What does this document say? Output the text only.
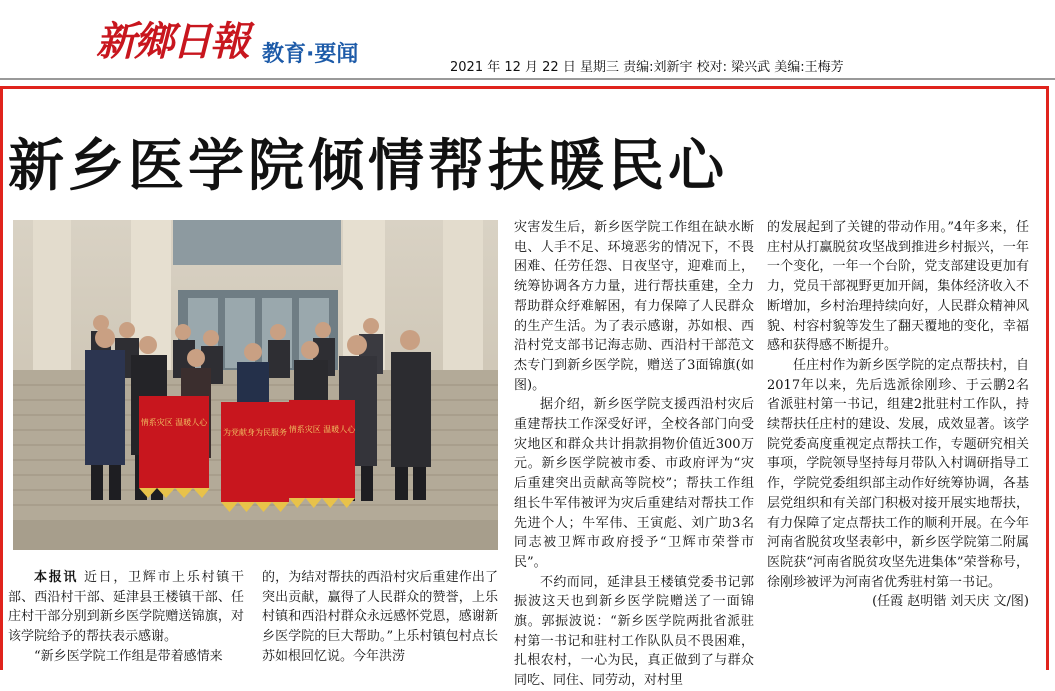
新鄉日報 教育·要闻
2021 年 12 月 22 日 星期三 责编:刘新宇 校对: 梁兴武 美编:王梅芳
新乡医学院倾情帮扶暖民心
情系灾区 温暖人心
为党献身为民服务 情系灾区 温暖人心

本报讯 近日，卫辉市上乐村镇干部、西沿村干部、延津县王楼镇干部、任庄村干部分别到新乡医学院赠送锦旗，对该学院给予的帮扶表示感谢。

“新乡医学院工作组是带着感情来

的，为结对帮扶的西沿村灾后重建作出了突出贡献，赢得了人民群众的赞誉，上乐村镇和西沿村群众永远感怀党恩，感谢新乡医学院的巨大帮助。”上乐村镇包村点长苏如根回忆说。今年洪涝

灾害发生后，新乡医学院工作组在缺水断电、人手不足、环境恶劣的情况下，不畏困难、任劳任怨、日夜坚守，迎难而上，统筹协调各方力量，进行帮扶重建，全力帮助群众纾难解困，有力保障了人民群众的生产生活。为了表示感谢，苏如根、西沿村党支部书记海志勋、西沿村干部范文杰专门到新乡医学院，赠送了3面锦旗(如图)。

据介绍，新乡医学院支援西沿村灾后重建帮扶工作深受好评，全校各部门向受灾地区和群众共计捐款捐物价值近300万元。新乡医学院被市委、市政府评为“灾后重建突出贡献高等院校”；帮扶工作组组长牛军伟被评为灾后重建结对帮扶工作先进个人；牛军伟、王寅彪、刘广助3名同志被卫辉市政府授予“卫辉市荣誉市民”。

不约而同，延津县王楼镇党委书记郭振波这天也到新乡医学院赠送了一面锦旗。郭振波说：“新乡医学院两批省派驻村第一书记和驻村工作队队员不畏困难，扎根农村，一心为民，真正做到了与群众同吃、同住、同劳动，对村里

的发展起到了关键的带动作用。”4年多来，任庄村从打赢脱贫攻坚战到推进乡村振兴，一年一个变化，一年一个台阶，党支部建设更加有力，党员干部视野更加开阔，集体经济收入不断增加，乡村治理持续向好，人民群众精神风貌、村容村貌等发生了翻天覆地的变化，幸福感和获得感不断提升。

任庄村作为新乡医学院的定点帮扶村，自2017年以来，先后选派徐刚珍、于云鹏2名省派驻村第一书记，组建2批驻村工作队，持续帮扶任庄村的建设、发展，成效显著。该学院党委高度重视定点帮扶工作，专题研究相关事项，学院领导坚持每月带队入村调研指导工作，学院党委组织部主动作好统筹协调，各基层党组织和有关部门积极对接开展实地帮扶，有力保障了定点帮扶工作的顺利开展。在今年河南省脱贫攻坚表彰中，新乡医学院第二附属医院获“河南省脱贫攻坚先进集体”荣誉称号，徐刚珍被评为河南省优秀驻村第一书记。

(任霞 赵明锴 刘天庆 文/图)
